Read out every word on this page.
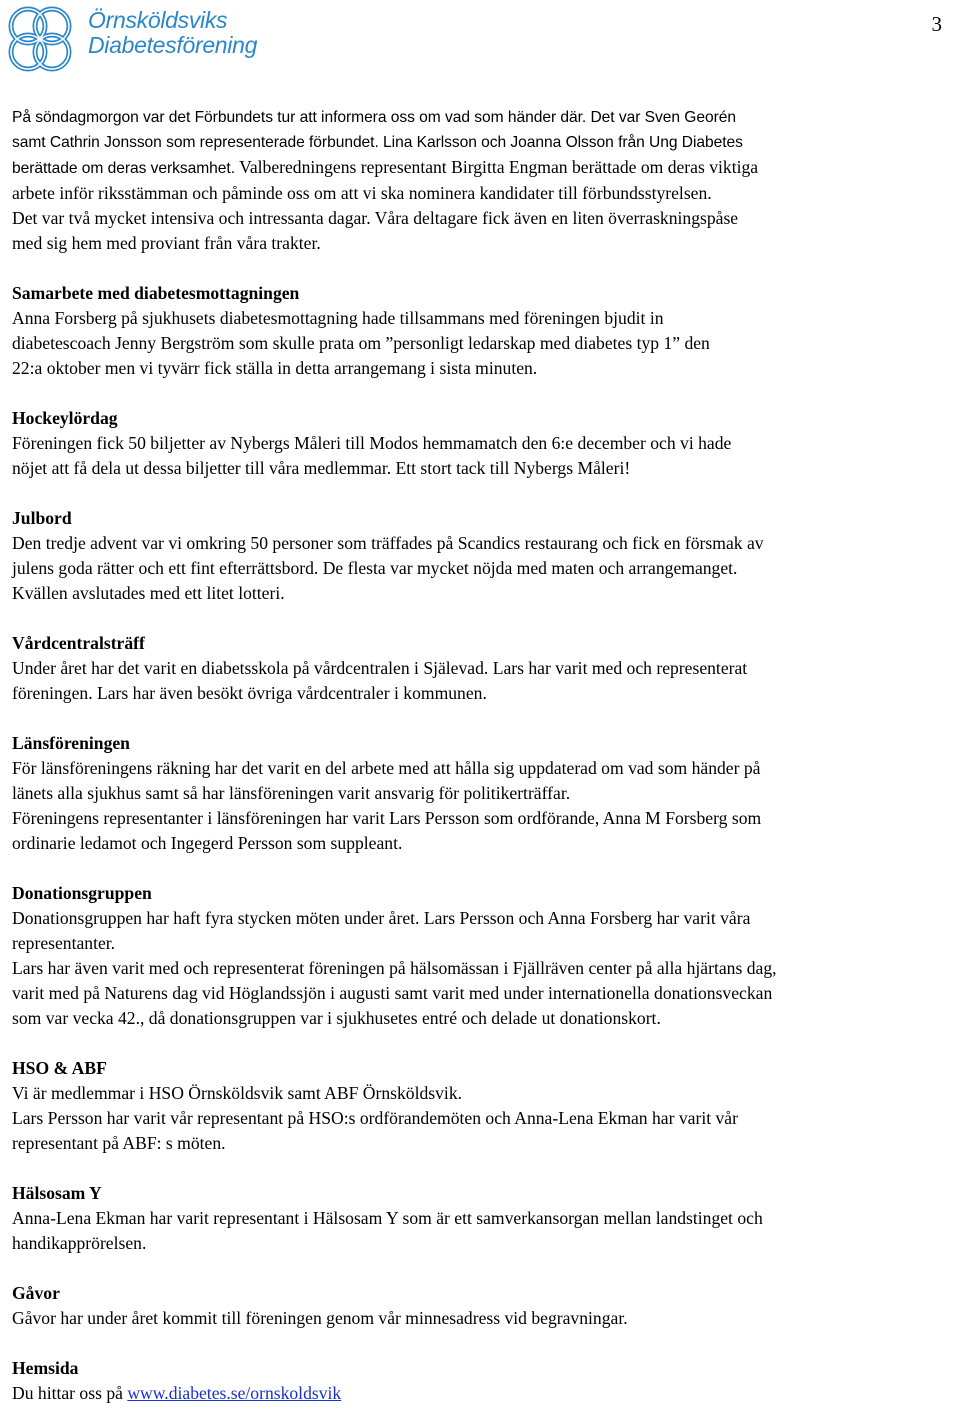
Örnsköldsviks
Diabetesförening
3
På söndagmorgon var det Förbundets tur att informera oss om vad som händer där. Det var Sven Georén
samt Cathrin Jonsson som representerade förbundet. Lina Karlsson och Joanna Olsson från Ung Diabetes
berättade om deras verksamhet. Valberedningens representant Birgitta Engman berättade om deras viktiga
arbete inför riksstämman och påminde oss om att vi ska nominera kandidater till förbundsstyrelsen.
Det var två mycket intensiva och intressanta dagar. Våra deltagare fick även en liten överraskningspåse
med sig hem med proviant från våra trakter.
Samarbete med diabetesmottagningen
Anna Forsberg på sjukhusets diabetesmottagning hade tillsammans med föreningen bjudit in
diabetescoach Jenny Bergström som skulle prata om ”personligt ledarskap med diabetes typ 1” den
22:a oktober men vi tyvärr fick ställa in detta arrangemang i sista minuten.
Hockeylördag
Föreningen fick 50 biljetter av Nybergs Måleri till Modos hemmamatch den 6:e december och vi hade
nöjet att få dela ut dessa biljetter till våra medlemmar. Ett stort tack till Nybergs Måleri!
Julbord
Den tredje advent var vi omkring 50 personer som träffades på Scandics restaurang och fick en försmak av
julens goda rätter och ett fint efterrättsbord. De flesta var mycket nöjda med maten och arrangemanget.
Kvällen avslutades med ett litet lotteri.
Vårdcentralsträff
Under året har det varit en diabetsskola på vårdcentralen i Själevad. Lars har varit med och representerat
föreningen. Lars har även besökt övriga vårdcentraler i kommunen.
Länsföreningen
För länsföreningens räkning har det varit en del arbete med att hålla sig uppdaterad om vad som händer på
länets alla sjukhus samt så har länsföreningen varit ansvarig för politikerträffar.
Föreningens representanter i länsföreningen har varit Lars Persson som ordförande, Anna M Forsberg som
ordinarie ledamot och Ingegerd Persson som suppleant.
Donationsgruppen
Donationsgruppen har haft fyra stycken möten under året. Lars Persson och Anna Forsberg har varit våra
representanter.
Lars har även varit med och representerat föreningen på hälsomässan i Fjällräven center på alla hjärtans dag,
varit med på Naturens dag vid Höglandssjön i augusti samt varit med under internationella donationsveckan
som var vecka 42., då donationsgruppen var i sjukhusetes entré och delade ut donationskort.
HSO & ABF
Vi är medlemmar i HSO Örnsköldsvik samt ABF Örnsköldsvik.
Lars Persson har varit vår representant på HSO:s ordförandemöten och Anna-Lena Ekman har varit vår
representant på ABF: s möten.
Hälsosam Y
Anna-Lena Ekman har varit representant i Hälsosam Y som är ett samverkansorgan mellan landstinget och
handikapprörelsen.
Gåvor
Gåvor har under året kommit till föreningen genom vår minnesadress vid begravningar.
Hemsida
Du hittar oss på www.diabetes.se/ornskoldsvik
